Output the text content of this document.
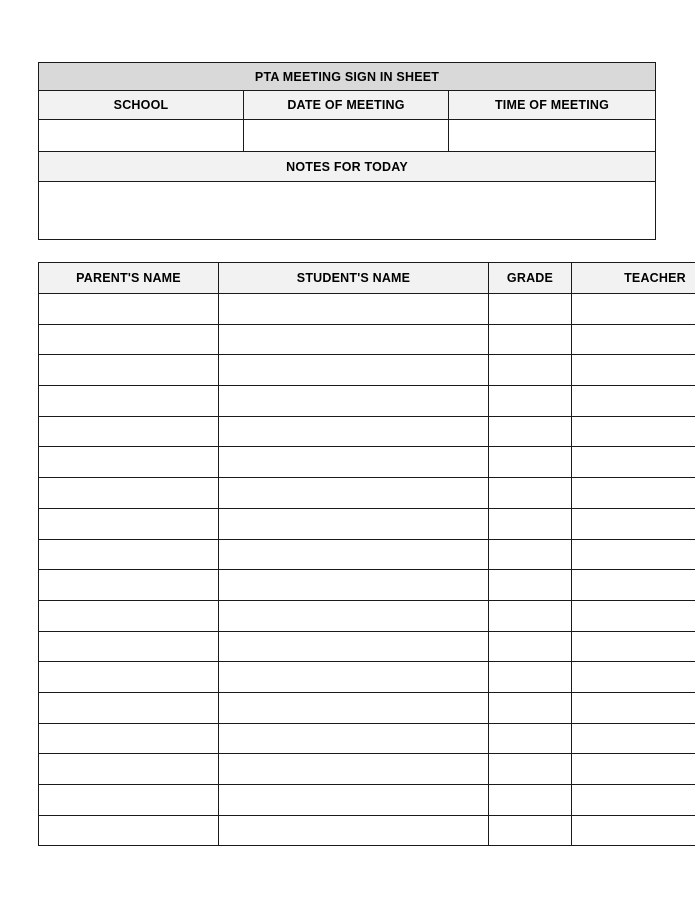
PTA MEETING SIGN IN SHEET		
SCHOOL	DATE OF MEETING	TIME OF MEETING

NOTES FOR TODAY		

PARENT'S NAME	STUDENT'S NAME	GRADE	TEACHER
